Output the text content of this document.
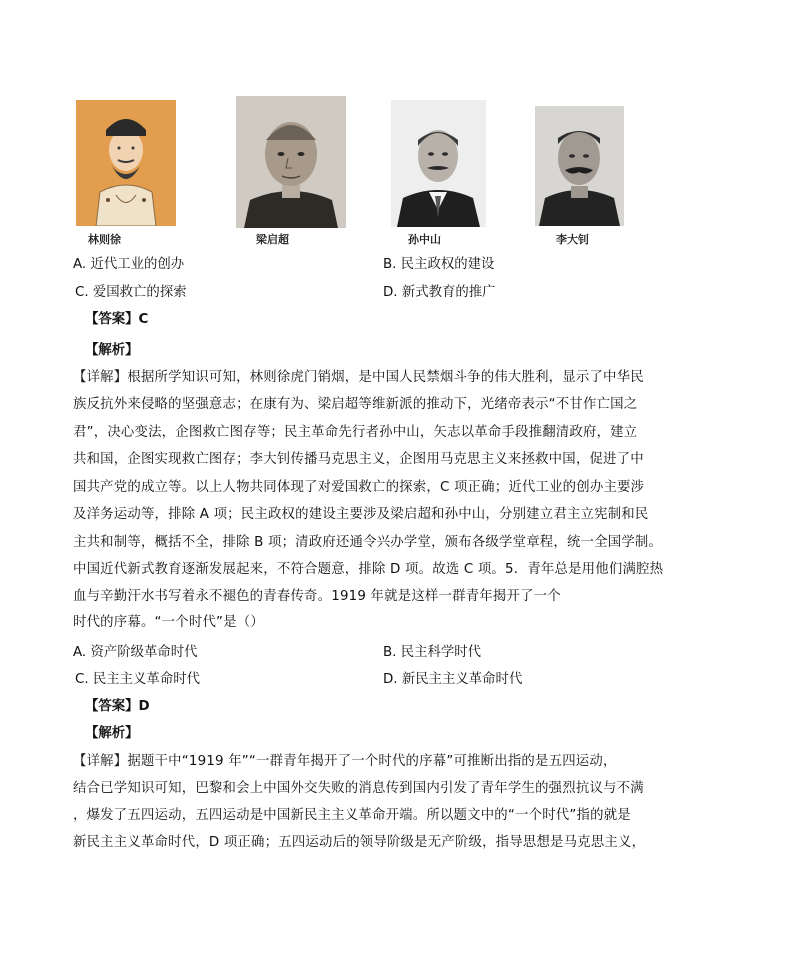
林则徐	梁启超	孙中山	李大钊
A. 近代工业的创办	B. 民主政权的建设
C. 爱国救亡的探索	D. 新式教育的推广
【答案】C
【解析】
【详解】根据所学知识可知，林则徐虎门销烟，是中国人民禁烟斗争的伟大胜利，显示了中华民
族反抗外来侵略的坚强意志；在康有为、梁启超等维新派的推动下，光绪帝表示“不甘作亡国之
君”，决心变法，企图救亡图存等；民主革命先行者孙中山，矢志以革命手段推翻清政府，建立
共和国，企图实现救亡图存；李大钊传播马克思主义，企图用马克思主义来拯救中国，促进了中
国共产党的成立等。以上人物共同体现了对爱国救亡的探索，C 项正确；近代工业的创办主要涉
及洋务运动等，排除 A 项；民主政权的建设主要涉及梁启超和孙中山，分别建立君主立宪制和民
主共和制等，概括不全，排除 B 项；清政府还通令兴办学堂，颁布各级学堂章程，统一全国学制。
中国近代新式教育逐渐发展起来，不符合题意，排除 D 项。故选 C 项。5．青年总是用他们满腔热
血与辛勤汗水书写着永不褪色的青春传奇。1919 年就是这样一群青年揭开了一个
时代的序幕。“一个时代”是（）
A. 资产阶级革命时代	B. 民主科学时代
C. 民主主义革命时代	D. 新民主主义革命时代
【答案】D
【解析】
【详解】据题干中“1919 年”“一群青年揭开了一个时代的序幕”可推断出指的是五四运动，
结合已学知识可知，巴黎和会上中国外交失败的消息传到国内引发了青年学生的强烈抗议与不满
，爆发了五四运动，五四运动是中国新民主主义革命开端。所以题文中的“一个时代”指的就是
新民主主义革命时代，D 项正确；五四运动后的领导阶级是无产阶级，指导思想是马克思主义，
